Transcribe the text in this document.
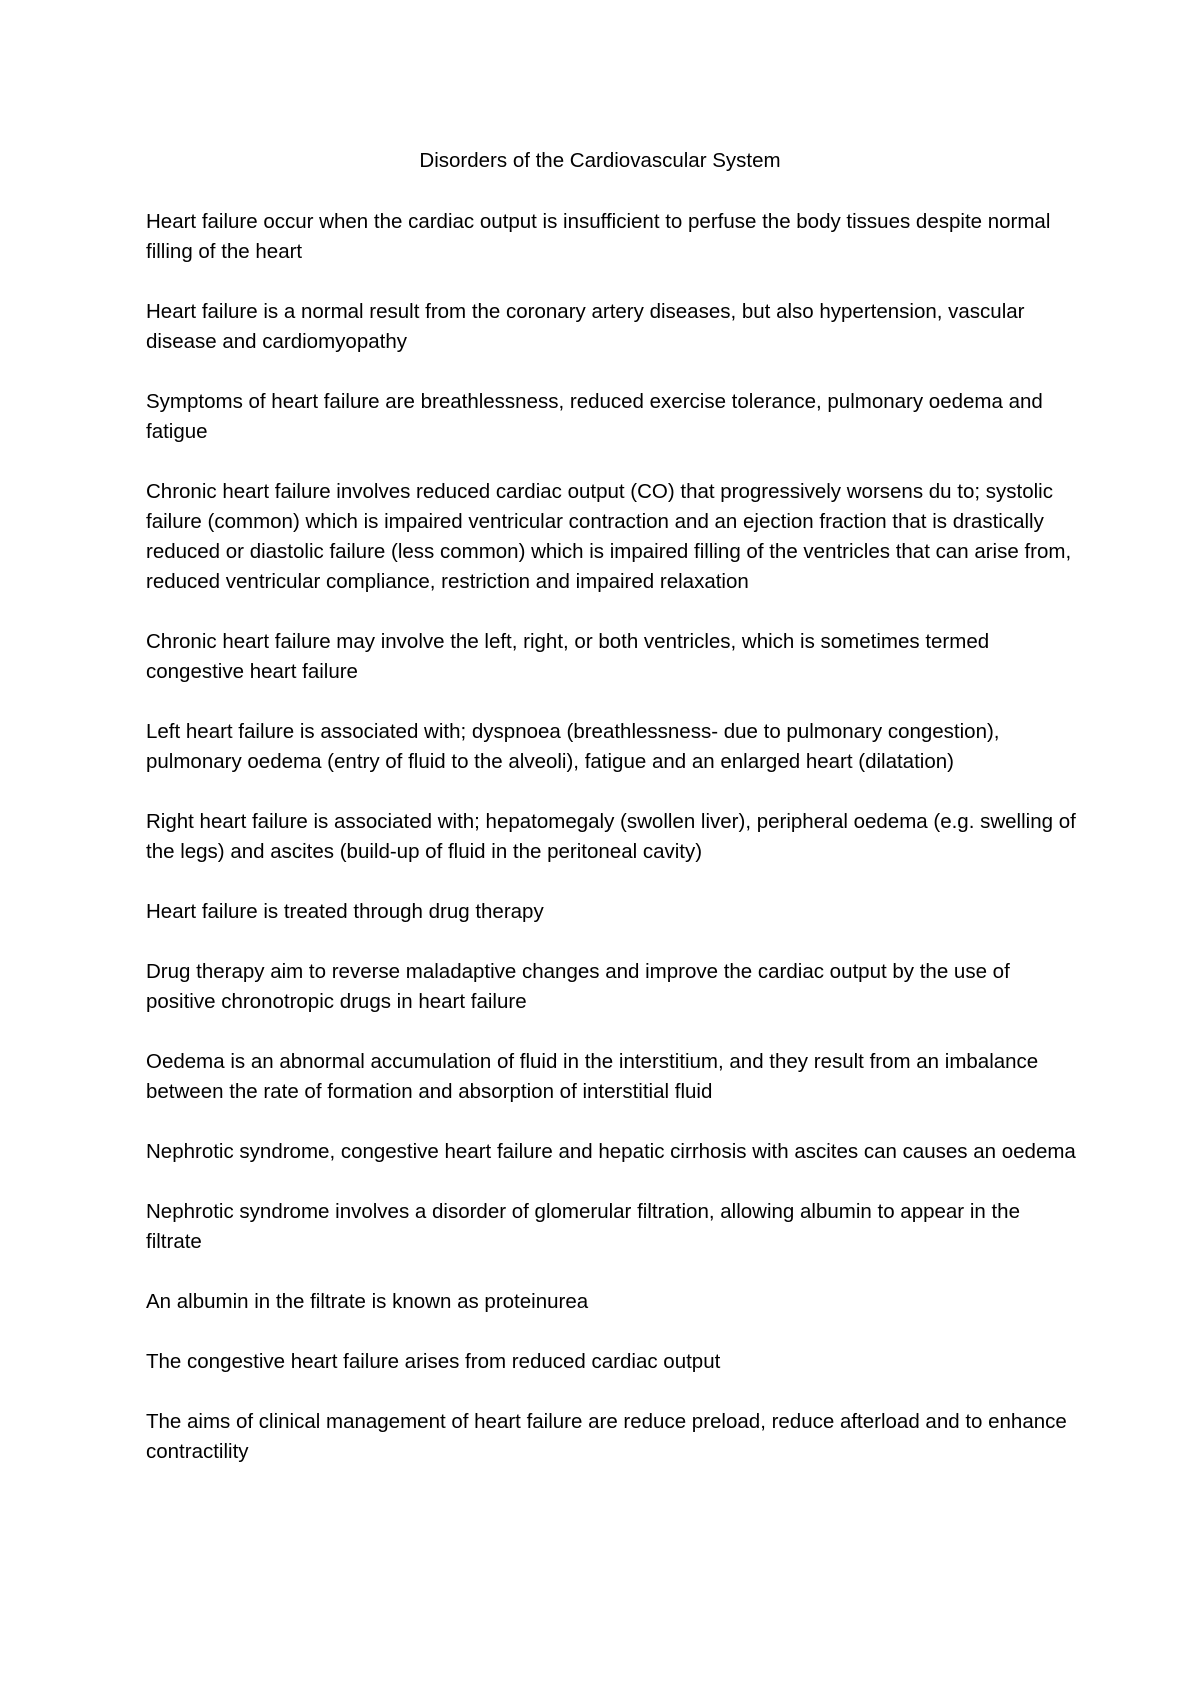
Disorders of the Cardiovascular System

Heart failure occur when the cardiac output is insufficient to perfuse the body tissues despite normal filling of the heart

Heart failure is a normal result from the coronary artery diseases, but also hypertension, vascular disease and cardiomyopathy

Symptoms of heart failure are breathlessness, reduced exercise tolerance, pulmonary oedema and fatigue

Chronic heart failure involves reduced cardiac output (CO) that progressively worsens du to; systolic failure (common) which is impaired ventricular contraction and an ejection fraction that is drastically reduced or diastolic failure (less common) which is impaired filling of the ventricles that can arise from, reduced ventricular compliance, restriction and impaired relaxation

Chronic heart failure may involve the left, right, or both ventricles, which is sometimes termed congestive heart failure

Left heart failure is associated with; dyspnoea (breathlessness- due to pulmonary congestion), pulmonary oedema (entry of fluid to the alveoli), fatigue and an enlarged heart (dilatation)

Right heart failure is associated with; hepatomegaly (swollen liver), peripheral oedema (e.g. swelling of the legs) and ascites (build-up of fluid in the peritoneal cavity)

Heart failure is treated through drug therapy

Drug therapy aim to reverse maladaptive changes and improve the cardiac output by the use of positive chronotropic drugs in heart failure

Oedema is an abnormal accumulation of fluid in the interstitium, and they result from an imbalance between the rate of formation and absorption of interstitial fluid

Nephrotic syndrome, congestive heart failure and hepatic cirrhosis with ascites can causes an oedema

Nephrotic syndrome involves a disorder of glomerular filtration, allowing albumin to appear in the filtrate

An albumin in the filtrate is known as proteinurea

The congestive heart failure arises from reduced cardiac output

The aims of clinical management of heart failure are reduce preload, reduce afterload and to enhance contractility
